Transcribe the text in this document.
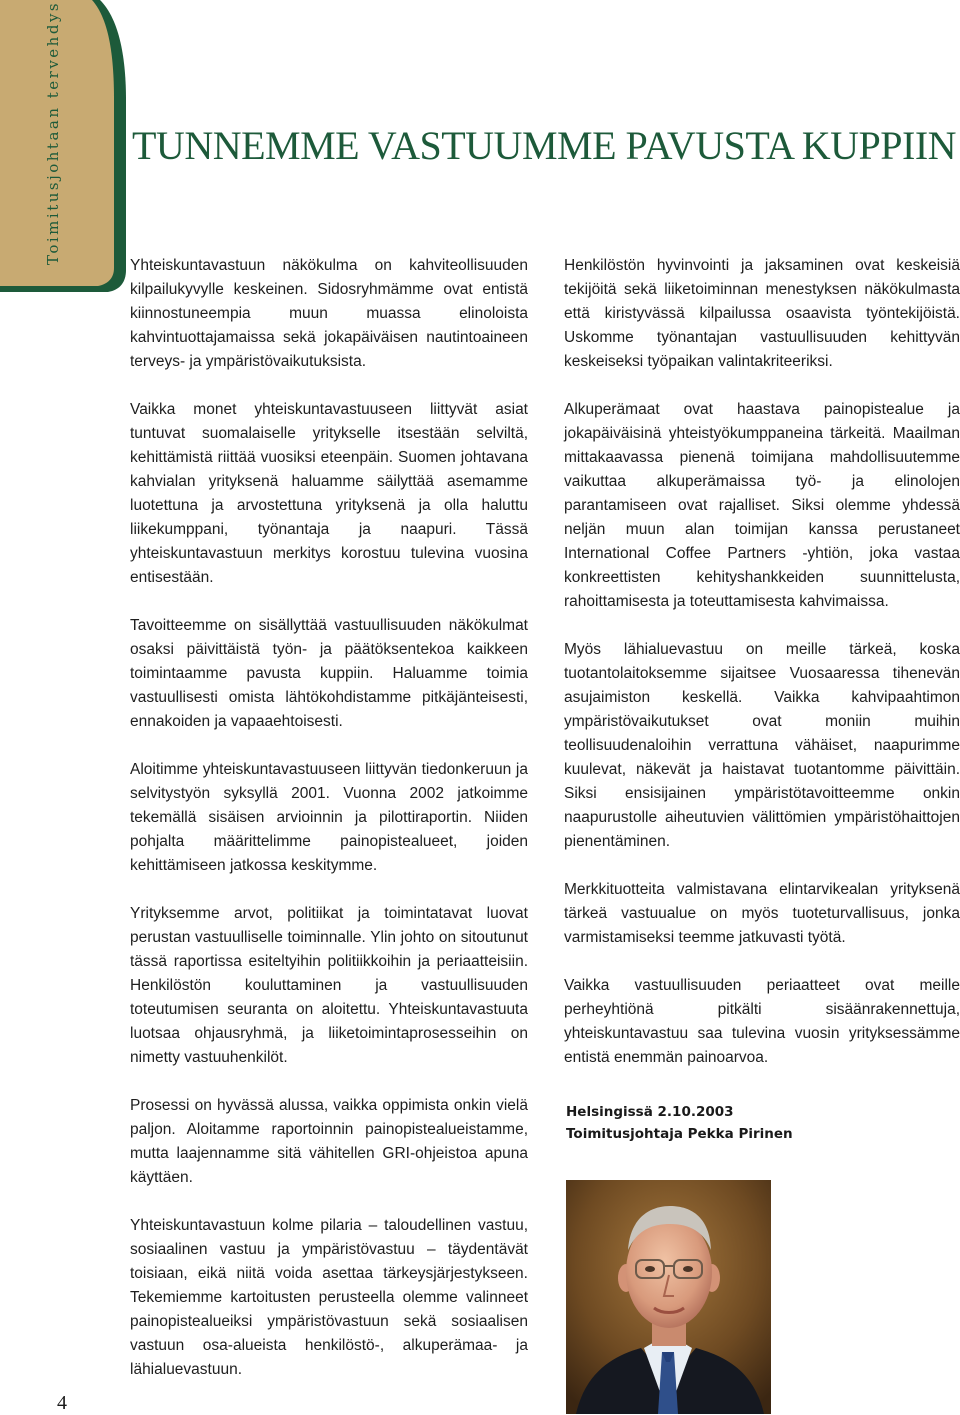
Toimitusjohtaan tervehdys TUNNEMME VASTUUMME PAVUSTA KUPPIIN

Yhteiskuntavastuun näkökulma on kahviteollisuuden kilpailukyvylle keskeinen. Sidosryhmämme ovat entistä kiinnostuneempia muun muassa elinoloista kahvintuottajamaissa sekä jokapäiväisen nautintoaineen terveys- ja ympäristövaikutuksista.

Vaikka monet yhteiskuntavastuuseen liittyvät asiat tuntuvat suomalaiselle yritykselle itsestään selviltä, kehittämistä riittää vuosiksi eteenpäin. Suomen johtavana kahvialan yrityksenä haluamme säilyttää asemamme luotettuna ja arvostettuna yrityksenä ja olla haluttu liikekumppani, työnantaja ja naapuri. Tässä yhteiskuntavastuun merkitys korostuu tulevina vuosina entisestään.

Tavoitteemme on sisällyttää vastuullisuuden näkökulmat osaksi päivittäistä työn- ja päätöksentekoa kaikkeen toimintaamme pavusta kuppiin. Haluamme toimia vastuullisesti omista lähtökohdistamme pitkäjänteisesti, ennakoiden ja vapaaehtoisesti.

Aloitimme yhteiskuntavastuuseen liittyvän tiedonkeruun ja selvitystyön syksyllä 2001. Vuonna 2002 jatkoimme tekemällä sisäisen arvioinnin ja pilottiraportin. Niiden pohjalta määrittelimme painopistealueet, joiden kehittämiseen jatkossa keskitymme.

Yrityksemme arvot, politiikat ja toimintatavat luovat perustan vastuulliselle toiminnalle. Ylin johto on sitoutunut tässä raportissa esiteltyihin politiikkoihin ja periaatteisiin. Henkilöstön kouluttaminen ja vastuullisuuden toteutumisen seuranta on aloitettu. Yhteiskuntavastuuta luotsaa ohjausryhmä, ja liiketoimintaprosesseihin on nimetty vastuuhenkilöt.

Prosessi on hyvässä alussa, vaikka oppimista onkin vielä paljon. Aloitamme raportoinnin painopistealueistamme, mutta laajennamme sitä vähitellen GRI-ohjeistoa apuna käyttäen.

Yhteiskuntavastuun kolme pilaria – taloudellinen vastuu, sosiaalinen vastuu ja ympäristövastuu – täydentävät toisiaan, eikä niitä voida asettaa tärkeysjärjestykseen. Tekemiemme kartoitusten perusteella olemme valinneet painopistealueiksi ympäristövastuun sekä sosiaalisen vastuun osa-alueista henkilöstö-, alkuperämaa- ja lähialuevastuun.

Henkilöstön hyvinvointi ja jaksaminen ovat keskeisiä tekijöitä sekä liiketoiminnan menestyksen näkökulmasta että kiristyvässä kilpailussa osaavista työntekijöistä. Uskomme työnantajan vastuullisuuden kehittyvän keskeiseksi työpaikan valintakriteeriksi.

Alkuperämaat ovat haastava painopistealue ja jokapäiväisinä yhteistyökumppaneina tärkeitä. Maailman mittakaavassa pienenä toimijana mahdollisuutemme vaikuttaa alkuperämaissa työ- ja elinolojen parantamiseen ovat rajalliset. Siksi olemme yhdessä neljän muun alan toimijan kanssa perustaneet International Coffee Partners -yhtiön, joka vastaa konkreettisten kehityshankkeiden suunnittelusta, rahoittamisesta ja toteuttamisesta kahvimaissa.

Myös lähialuevastuu on meille tärkeä, koska tuotantolaitoksemme sijaitsee Vuosaaressa tihenevän asujaimiston keskellä. Vaikka kahvipaahtimon ympäristövaikutukset ovat moniin muihin teollisuudenaloihin verrattuna vähäiset, naapurimme kuulevat, näkevät ja haistavat tuotantomme päivittäin. Siksi ensisijainen ympäristötavoitteemme onkin naapurustolle aiheutuvien välittömien ympäristöhaittojen pienentäminen.

Merkkituotteita valmistavana elintarvikealan yrityksenä tärkeä vastuualue on myös tuoteturvallisuus, jonka varmistamiseksi teemme jatkuvasti työtä.

Vaikka vastuullisuuden periaatteet ovat meille perheyhtiönä pitkälti sisäänrakennettuja, yhteiskuntavastuu saa tulevina vuosin yrityksessämme entistä enemmän painoarvoa.

Helsingissä 2.10.2003
Toimitusjohtaja Pekka Pirinen
4
